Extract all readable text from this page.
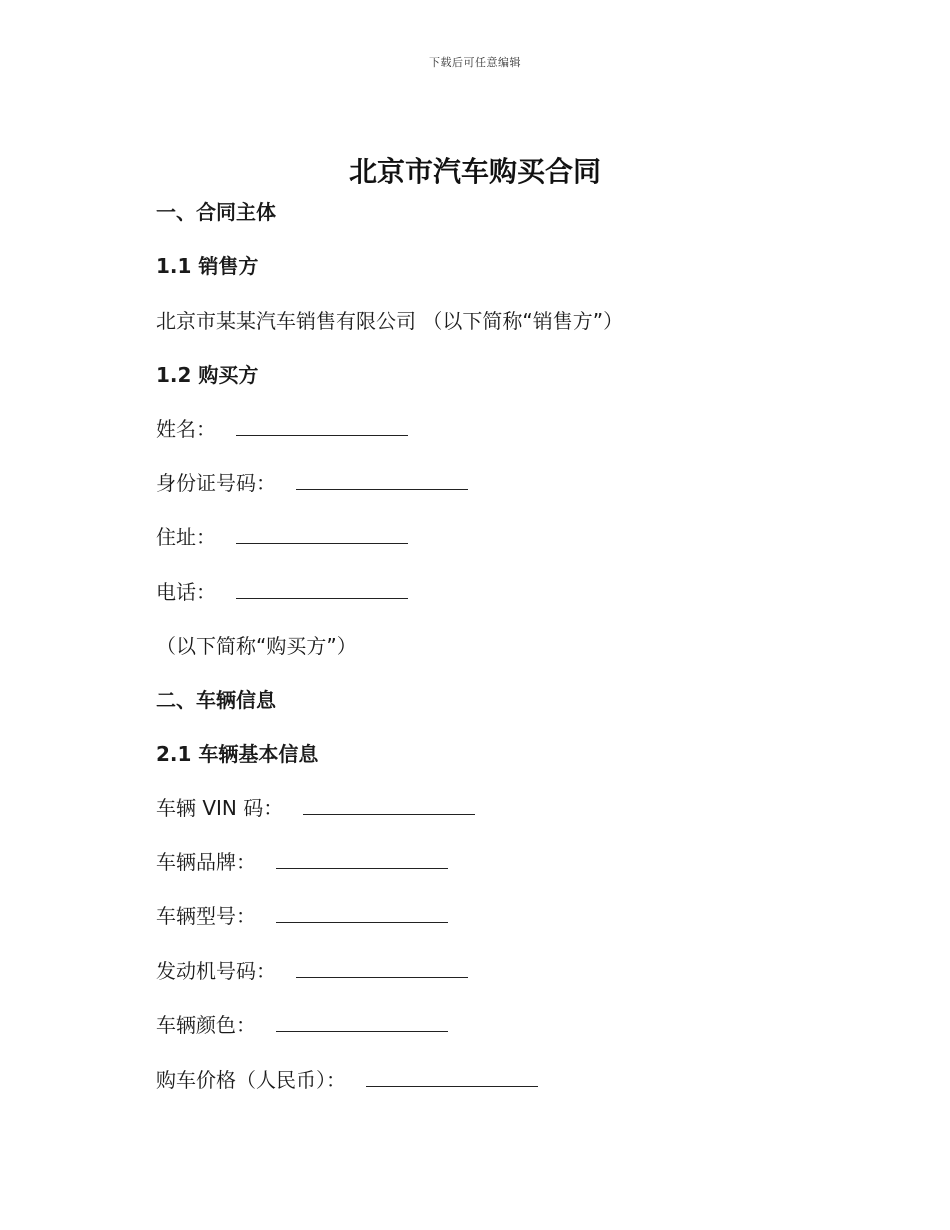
下载后可任意编辑
北京市汽车购买合同
一、合同主体
1.1 销售方
北京市某某汽车销售有限公司 （以下简称“销售方”）
1.2 购买方
姓名：
身份证号码：
住址：
电话：
（以下简称“购买方”）
二、车辆信息
2.1 车辆基本信息
车辆 VIN 码：
车辆品牌：
车辆型号：
发动机号码：
车辆颜色：
购车价格（人民币）：
